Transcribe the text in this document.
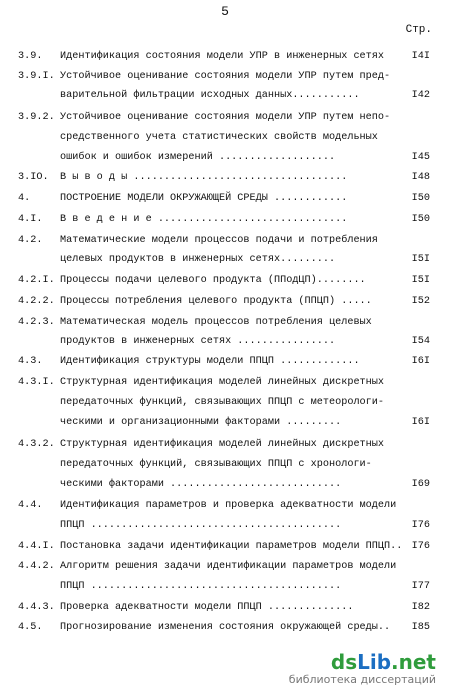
5
Стр.
3.9. Идентификация состояния модели УПР в инженерных сетях	I4I
3.9.I. Устойчивое оценивание состояния модели УПР путем пред-
варительной фильтрации исходных данных...........	I42
3.9.2. Устойчивое оценивание состояния модели УПР путем непо-
средственного учета статистических свойств модельных
ошибок и ошибок измерений ...................	I45
3.IO. В ы в о д ы ...................................	I48
4.	ПОСТРОЕНИЕ МОДЕЛИ ОКРУЖАЮЩЕЙ СРЕДЫ ............	I50
4.I. В в е д е н и е ...............................	I50
4.2. Математические модели процессов подачи и потребления
целевых продуктов в инженерных сетях.........	I5I
4.2.I. Процессы подачи целевого продукта (ППодЦП)........	I5I
4.2.2. Процессы потребления целевого продукта (ППЦП) .....	I52
4.2.3. Математическая модель процессов потребления целевых
продуктов в инженерных сетях ................	I54
4.3. Идентификация структуры модели ППЦП .............	I6I
4.3.I. Структурная идентификация моделей линейных дискретных
передаточных функций, связывающих ППЦП с метеорологи-
ческими и организационными факторами .........	I6I
4.3.2. Структурная идентификация моделей линейных дискретных
передаточных функций, связывающих ППЦП с хронологи-
ческими факторами ............................	I69
4.4. Идентификация параметров и проверка адекватности модели
ППЦП .........................................	I76
4.4.I. Постановка задачи идентификации параметров модели ППЦП.. I76
4.4.2. Алгоритм решения задачи идентификации параметров модели
ППЦП .........................................	I77
4.4.3. Проверка адекватности модели ППЦП ..............	I82
4.5. Прогнозирование изменения состояния окружающей среды.. I85
dsLib.net
библиотека диссертаций
